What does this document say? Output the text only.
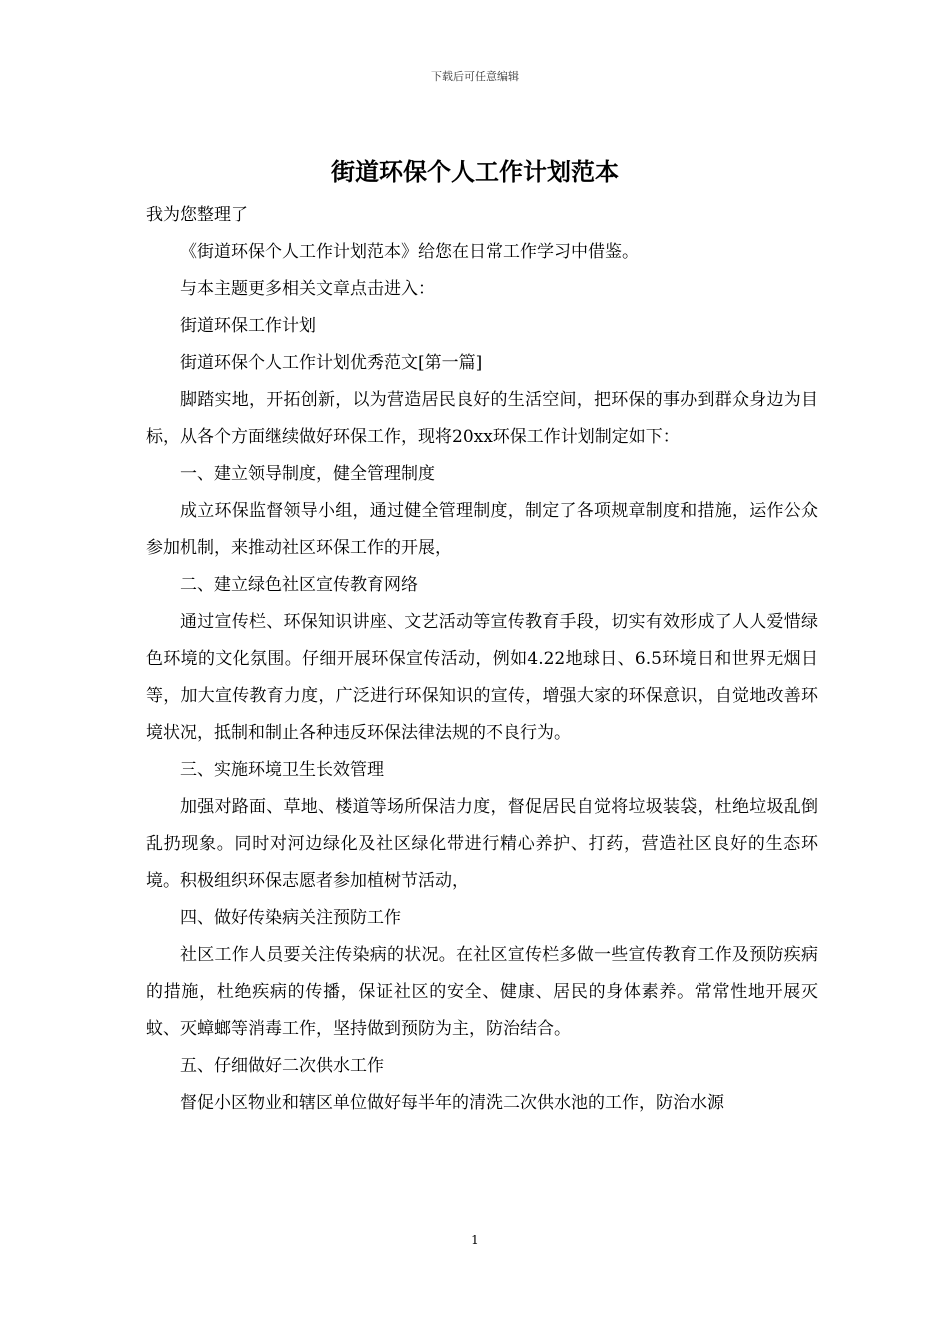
下载后可任意编辑
街道环保个人工作计划范本

我为您整理了

《街道环保个人工作计划范本》给您在日常工作学习中借鉴。

与本主题更多相关文章点击进入：

街道环保工作计划

街道环保个人工作计划优秀范文[第一篇]

脚踏实地，开拓创新，以为营造居民良好的生活空间，把环保的事办到群众身边为目标，从各个方面继续做好环保工作，现将20xx环保工作计划制定如下：

一、建立领导制度，健全管理制度

成立环保监督领导小组，通过健全管理制度，制定了各项规章制度和措施，运作公众参加机制，来推动社区环保工作的开展，

二、建立绿色社区宣传教育网络

通过宣传栏、环保知识讲座、文艺活动等宣传教育手段，切实有效形成了人人爱惜绿色环境的文化氛围。仔细开展环保宣传活动，例如4.22地球日、6.5环境日和世界无烟日等，加大宣传教育力度，广泛进行环保知识的宣传，增强大家的环保意识，自觉地改善环境状况，抵制和制止各种违反环保法律法规的不良行为。

三、实施环境卫生长效管理

加强对路面、草地、楼道等场所保洁力度，督促居民自觉将垃圾装袋，杜绝垃圾乱倒乱扔现象。同时对河边绿化及社区绿化带进行精心养护、打药，营造社区良好的生态环境。积极组织环保志愿者参加植树节活动，

四、做好传染病关注预防工作

社区工作人员要关注传染病的状况。在社区宣传栏多做一些宣传教育工作及预防疾病的措施，杜绝疾病的传播，保证社区的安全、健康、居民的身体素养。常常性地开展灭蚊、灭蟑螂等消毒工作，坚持做到预防为主，防治结合。

五、仔细做好二次供水工作

督促小区物业和辖区单位做好每半年的清洗二次供水池的工作，防治水源

1
